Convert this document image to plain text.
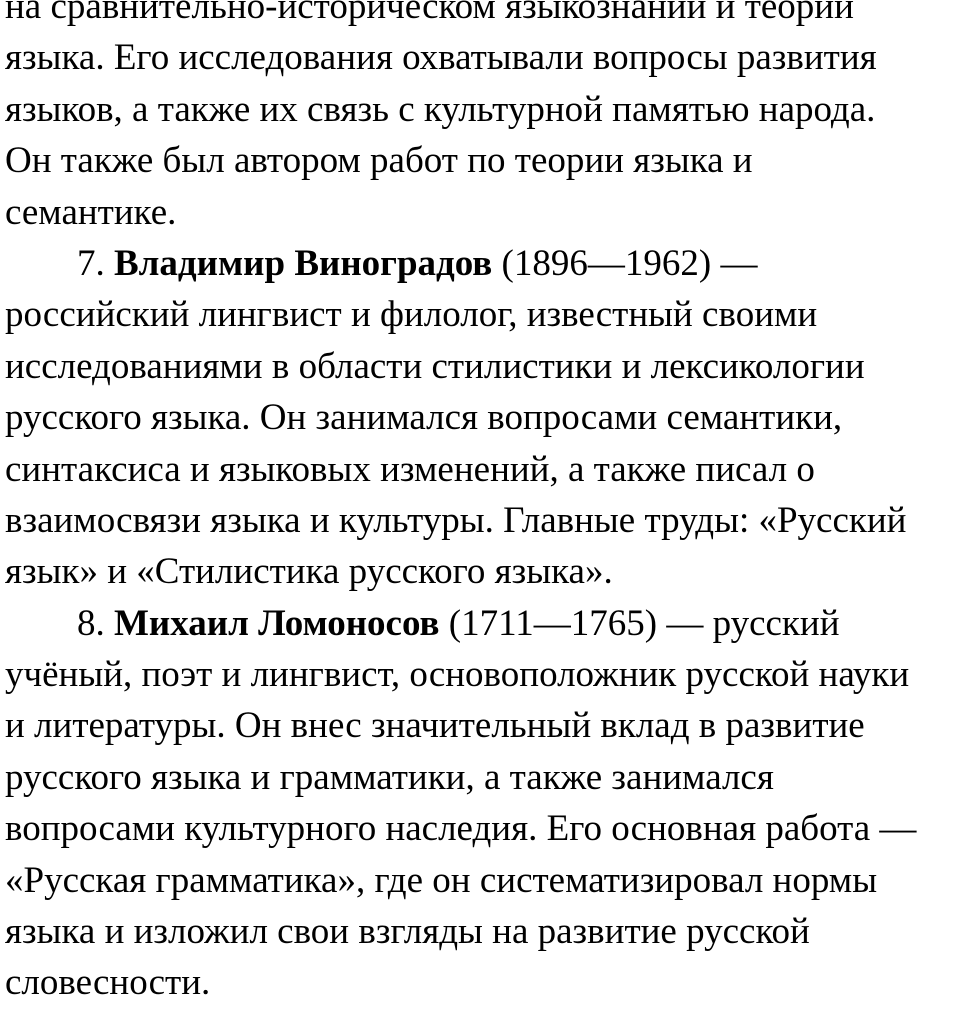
на сравнительно-историческом языкознании и теории
языка. Его исследования охватывали вопросы развития
языков, а также их связь с культурной памятью народа.
Он также был автором работ по теории языка и
семантике.
7. Владимир Виноградов (1896—1962) —
российский лингвист и филолог, известный своими
исследованиями в области стилистики и лексикологии
русского языка. Он занимался вопросами семантики,
синтаксиса и языковых изменений, а также писал о
взаимосвязи языка и культуры. Главные труды: «Русский
язык» и «Стилистика русского языка».
8. Михаил Ломоносов (1711—1765) — русский
учёный, поэт и лингвист, основоположник русской науки
и литературы. Он внес значительный вклад в развитие
русского языка и грамматики, а также занимался
вопросами культурного наследия. Его основная работа —
«Русская грамматика», где он систематизировал нормы
языка и изложил свои взгляды на развитие русской
словесности.
